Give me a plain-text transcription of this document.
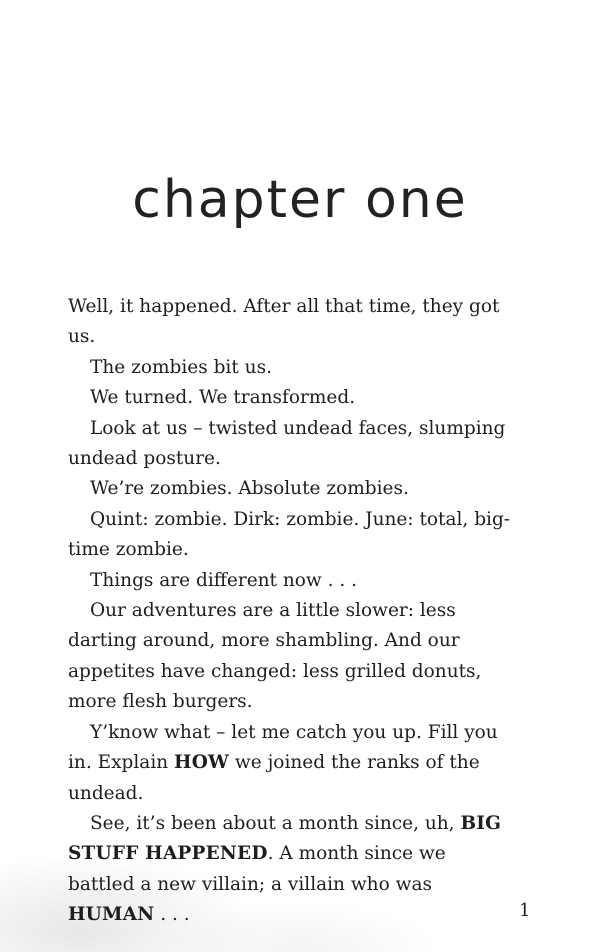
chapter one

Well, it happened. After all that time, they got us.

The zombies bit us.

We turned. We transformed.

Look at us – twisted undead faces, slumping undead posture.

We’re zombies. Absolute zombies.

Quint: zombie. Dirk: zombie. June: total, big-time zombie.

Things are different now . . .

Our adventures are a little slower: less darting around, more shambling. And our appetites have changed: less grilled donuts, more flesh burgers.

Y’know what – let me catch you up. Fill you in. Explain HOW we joined the ranks of the undead.

See, it’s been about a month since, uh, BIG STUFF HAPPENED. A month since we battled a new villain; a villain who was HUMAN . . .	1
